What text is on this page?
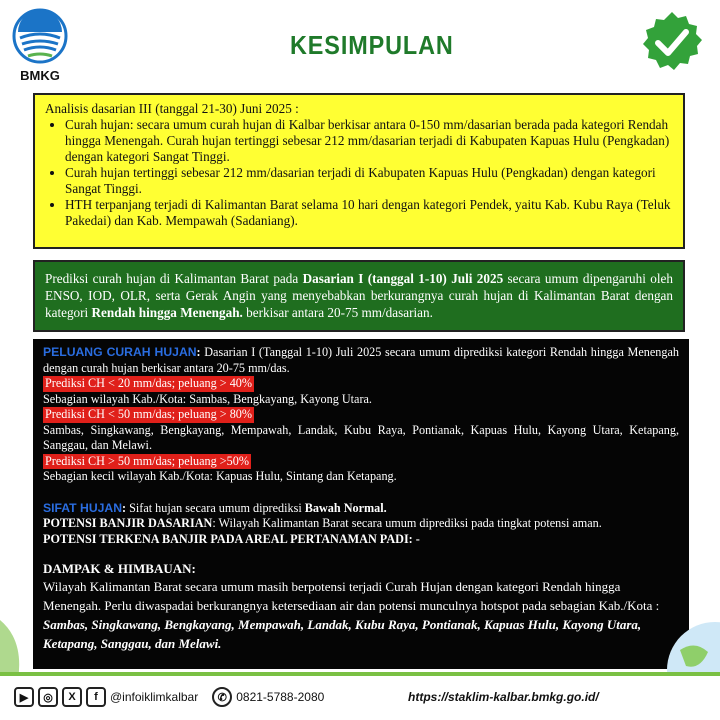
BMKG
KESIMPULAN
Analisis dasarian III (tanggal 21-30) Juni 2025 :
• Curah hujan: secara umum curah hujan di Kalbar berkisar antara 0-150 mm/dasarian berada pada kategori Rendah hingga Menengah. Curah hujan tertinggi sebesar 212 mm/dasarian terjadi di Kabupaten Kapuas Hulu (Pengkadan) dengan kategori Sangat Tinggi.
• Curah hujan tertinggi sebesar 212 mm/dasarian terjadi di Kabupaten Kapuas Hulu (Pengkadan) dengan kategori Sangat Tinggi.
• HTH terpanjang terjadi di Kalimantan Barat selama 10 hari dengan kategori Pendek, yaitu Kab. Kubu Raya (Teluk Pakedai) dan Kab. Mempawah (Sadaniang).
Prediksi curah hujan di Kalimantan Barat pada Dasarian I (tanggal 1-10) Juli 2025 secara umum dipengaruhi oleh ENSO, IOD, OLR, serta Gerak Angin yang menyebabkan berkurangnya curah hujan di Kalimantan Barat dengan kategori Rendah hingga Menengah. berkisar antara 20-75 mm/dasarian.
PELUANG CURAH HUJAN: Dasarian I (Tanggal 1-10) Juli 2025 secara umum diprediksi kategori Rendah hingga Menengah dengan curah hujan berkisar antara 20-75 mm/das.
Prediksi CH < 20 mm/das; peluang > 40%
Sebagian wilayah Kab./Kota: Sambas, Bengkayang, Kayong Utara.
Prediksi CH < 50 mm/das; peluang > 80%
Sambas, Singkawang, Bengkayang, Mempawah, Landak, Kubu Raya, Pontianak, Kapuas Hulu, Kayong Utara, Ketapang, Sanggau, dan Melawi.
Prediksi CH > 50 mm/das; peluang >50%
Sebagian kecil wilayah Kab./Kota: Kapuas Hulu, Sintang dan Ketapang.
SIFAT HUJAN: Sifat hujan secara umum diprediksi Bawah Normal.
POTENSI BANJIR DASARIAN: Wilayah Kalimantan Barat secara umum diprediksi pada tingkat potensi aman.
POTENSI TERKENA BANJIR PADA AREAL PERTANAMAN PADI: -
DAMPAK & HIMBAUAN:
Wilayah Kalimantan Barat secara umum masih berpotensi terjadi Curah Hujan dengan kategori Rendah hingga Menengah. Perlu diwaspadai berkurangnya ketersediaan air dan potensi munculnya hotspot pada sebagian Kab./Kota : Sambas, Singkawang, Bengkayang, Mempawah, Landak, Kubu Raya, Pontianak, Kapuas Hulu, Kayong Utara, Ketapang, Sanggau, dan Melawi.
▶	◎	X	f	@infoiklimkalbar	✆ 0821-5788-2080	https://staklim-kalbar.bmkg.go.id/
